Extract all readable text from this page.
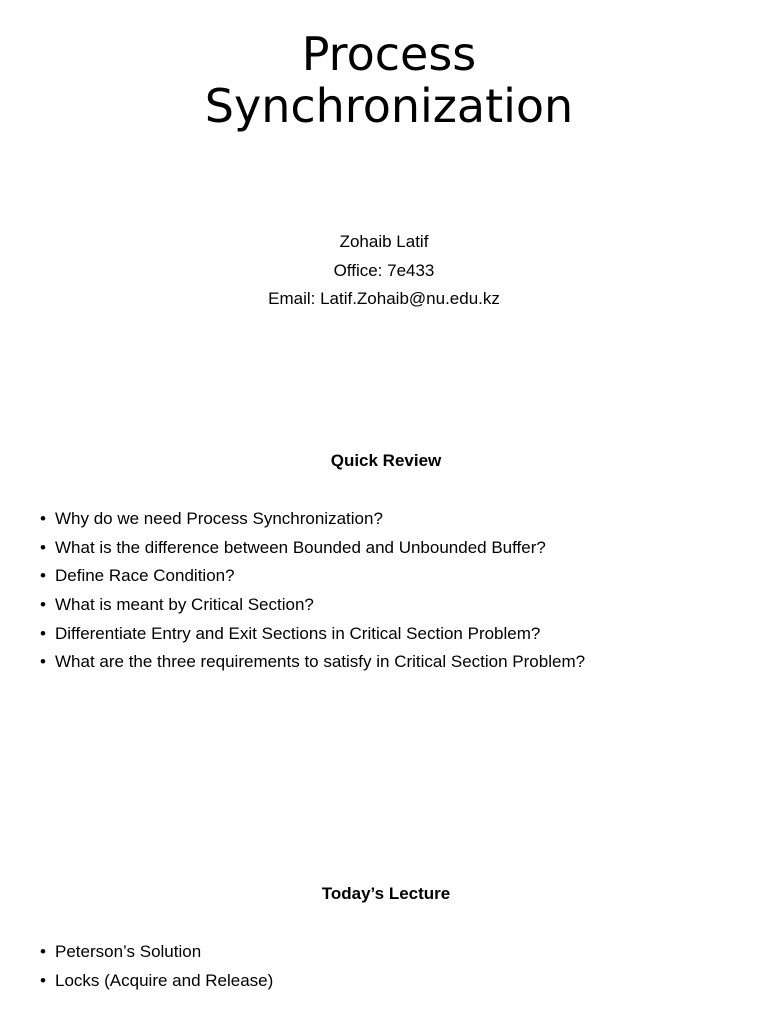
Process
Synchronization
Zohaib Latif
Office: 7e433
Email: Latif.Zohaib@nu.edu.kz
Quick Review
• Why do we need Process Synchronization?
• What is the difference between Bounded and Unbounded Buffer?
• Define Race Condition?
• What is meant by Critical Section?
• Differentiate Entry and Exit Sections in Critical Section Problem?
• What are the three requirements to satisfy in Critical Section Problem?
Today’s Lecture
• Peterson’s Solution
• Locks (Acquire and Release)
